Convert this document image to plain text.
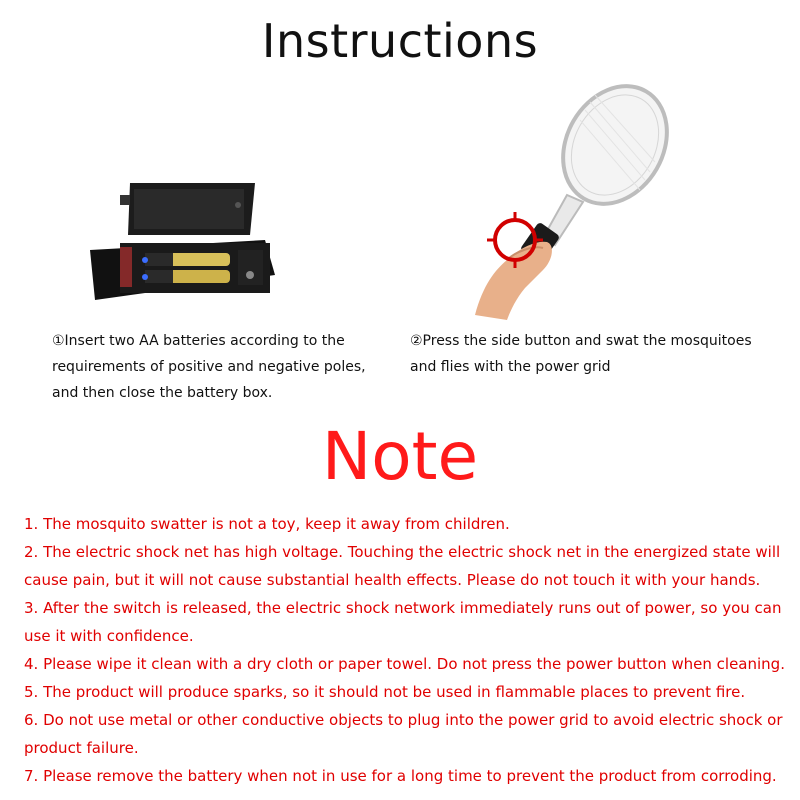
Instructions
①Insert two AA batteries according to the requirements of positive and negative poles, and then close the battery box.
②Press the side button and swat the mosquitoes and flies with the power grid
Note
1. The mosquito swatter is not a toy, keep it away from children.
2. The electric shock net has high voltage. Touching the electric shock net in the energized state will cause pain, but it will not cause substantial health effects. Please do not touch it with your hands.
3. After the switch is released, the electric shock network immediately runs out of power, so you can use it with confidence.
4. Please wipe it clean with a dry cloth or paper towel. Do not press the power button when cleaning.
5. The product will produce sparks, so it should not be used in flammable places to prevent fire.
6. Do not use metal or other conductive objects to plug into the power grid to avoid electric shock or product failure.
7. Please remove the battery when not in use for a long time to prevent the product from corroding.
